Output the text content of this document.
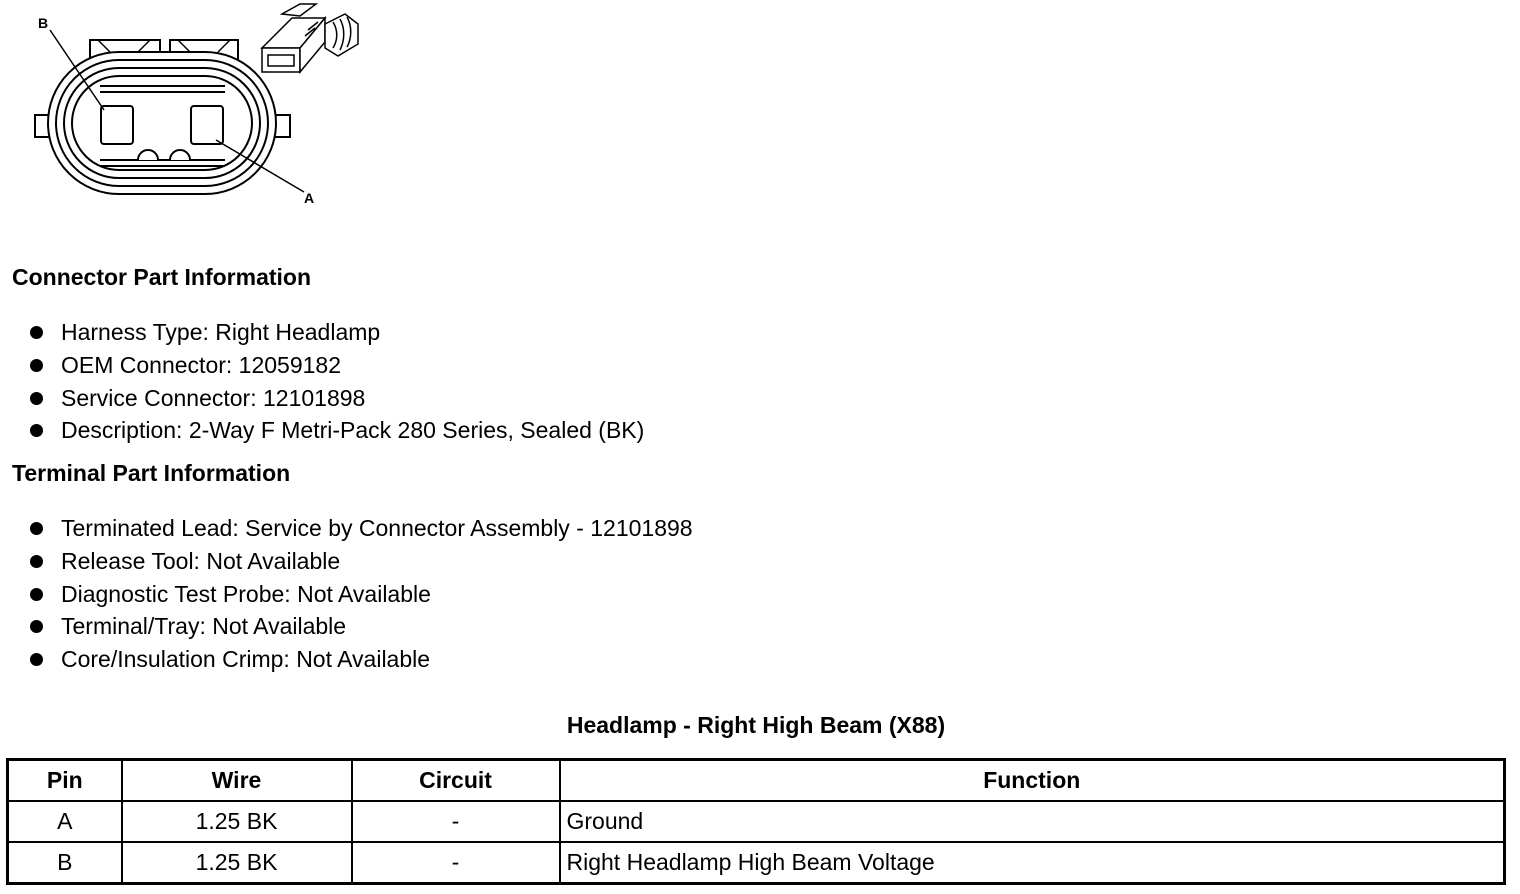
B
A
Connector Part Information
Harness Type: Right Headlamp
OEM Connector: 12059182
Service Connector: 12101898
Description: 2-Way F Metri-Pack 280 Series, Sealed (BK)
Terminal Part Information
Terminated Lead: Service by Connector Assembly - 12101898
Release Tool: Not Available
Diagnostic Test Probe: Not Available
Terminal/Tray: Not Available
Core/Insulation Crimp: Not Available
Headlamp - Right High Beam (X88)
Pin	Wire	Circuit	Function
A	1.25 BK	-	Ground
B	1.25 BK	-	Right Headlamp High Beam Voltage
